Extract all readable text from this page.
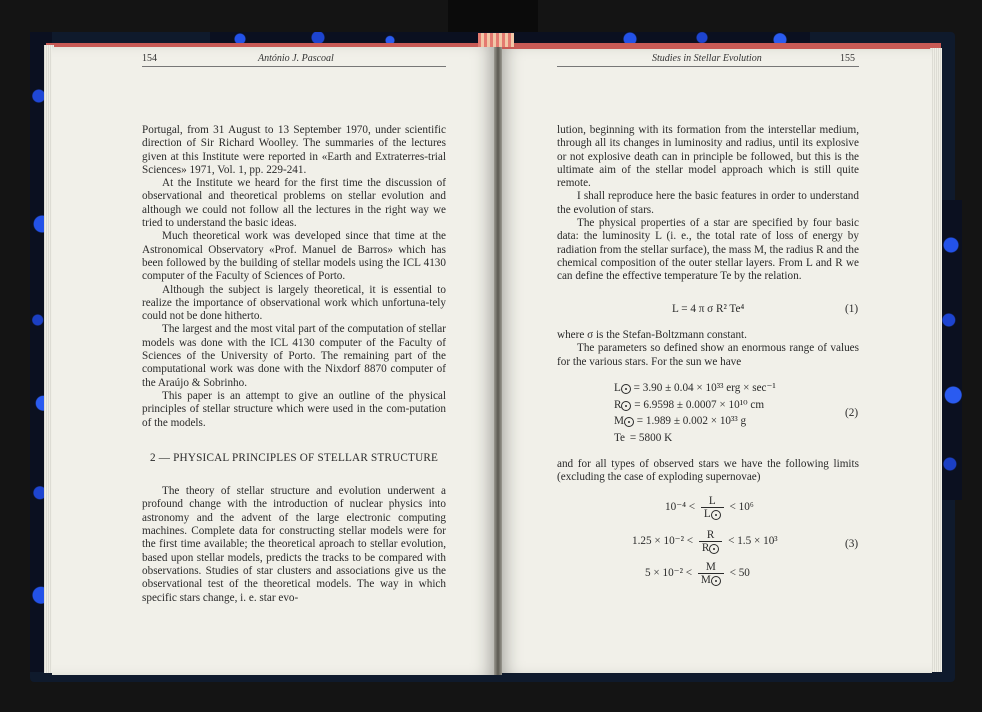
154	António J. Pascoal

Portugal, from 31 August to 13 September 1970, under scientific direction of Sir Richard Woolley. The summaries of the lectures given at this Institute were reported in «Earth and Extraterres-trial Sciences» 1971, Vol. 1, pp. 229-241.

At the Institute we heard for the first time the discussion of observational and theoretical problems on stellar evolution and although we could not follow all the lectures in the right way we tried to understand the basic ideas.

Much theoretical work was developed since that time at the Astronomical Observatory «Prof. Manuel de Barros» which has been followed by the building of stellar models using the ICL 4130 computer of the Faculty of Sciences of Porto.

Although the subject is largely theoretical, it is essential to realize the importance of observational work which unfortuna-tely could not be done hitherto.

The largest and the most vital part of the computation of stellar models was done with the ICL 4130 computer of the Faculty of Sciences of the University of Porto. The remaining part of the computational work was done with the Nixdorf 8870 computer of the Araújo & Sobrinho.

This paper is an attempt to give an outline of the physical principles of stellar structure which were used in the com-putation of the models.

2 — PHYSICAL PRINCIPLES OF STELLAR STRUCTURE

The theory of stellar structure and evolution underwent a profound change with the introduction of nuclear physics into astronomy and the advent of the large electronic computing machines. Complete data for constructing stellar models were for the first time available; the theoretical aproach to stellar evolution, based upon stellar models, predicts the tracks to be compared with observations. Studies of star clusters and associations give us the observational test of the theoretical models. The way in which specific stars change, i. e. star evo-

Studies in Stellar Evolution	155

lution, beginning with its formation from the interstellar medium, through all its changes in luminosity and radius, until its explosive or not explosive death can in principle be followed, but this is the ultimate aim of the stellar model approach which is still quite remote.

I shall reproduce here the basic features in order to understand the evolution of stars.

The physical properties of a star are specified by four basic data: the luminosity L (i. e., the total rate of loss of energy by radiation from the stellar surface), the mass M, the radius R and the chemical composition of the outer stellar layers. From L and R we can define the effective temperature Te by the relation.

L = 4 π σ R² Te⁴	(1)

where σ is the Stefan-Boltzmann constant.

The parameters so defined show an enormous range of values for the various stars. For the sun we have

L = 3.90 ± 0.04 × 10³³ erg × sec⁻¹
R = 6.9598 ± 0.0007 × 10¹⁰ cm
M = 1.989 ± 0.002 × 10³³ g
Te = 5800 K
(2)

and for all types of observed stars we have the following limits (excluding the case of exploding supernovae)

$10^{-4} < \frac{L}{L} < 10^6$
$1.25 \times 10^{-2} < \frac{R}{R} < 1.5 \times 10^3$
$5 \times 10^{-2} < \frac{M}{M} < 50$
(3)
